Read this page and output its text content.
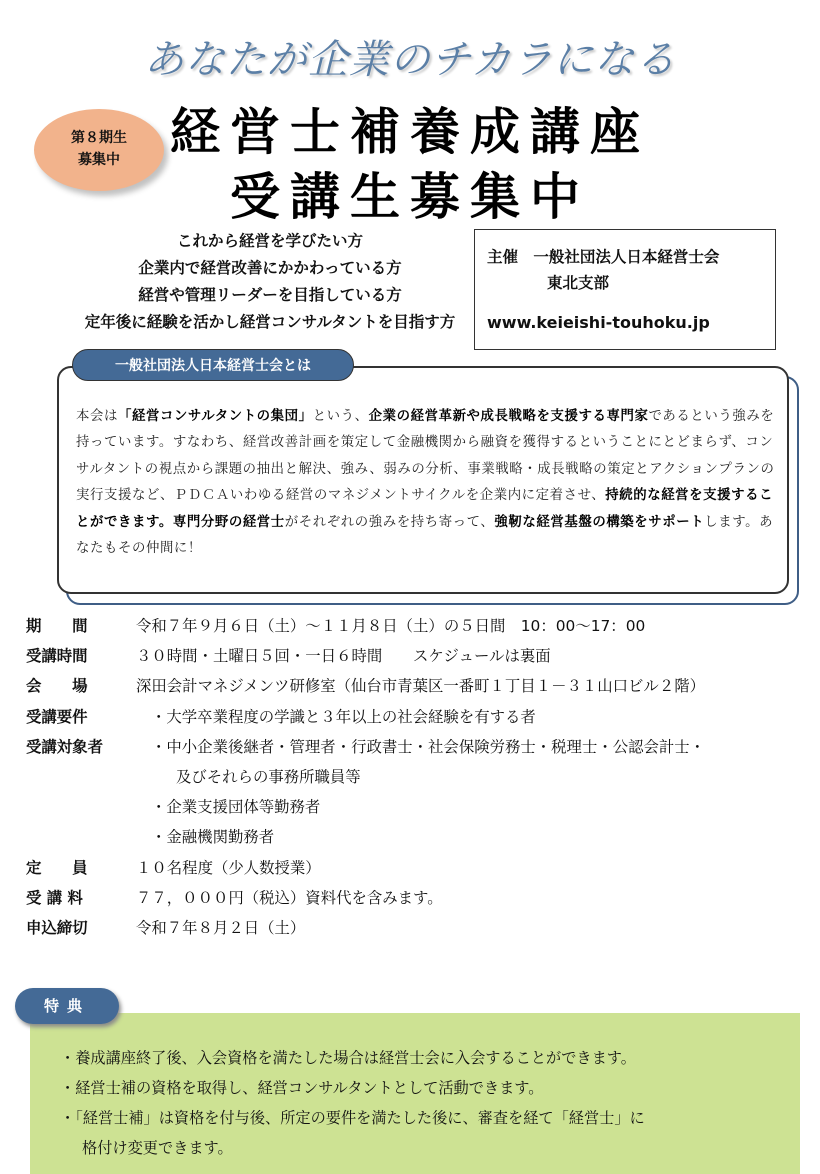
あなたが企業のチカラになる
第８期生
募集中	経営士補養成講座
受講生募集中
これから経営を学びたい方
企業内で経営改善にかかわっている方
経営や管理リーダーを目指している方
定年後に経験を活かし経営コンサルタントを目指す方
主催 一般社団法人日本経営士会
東北支部
www.keieishi-touhoku.jp
一般社団法人日本経営士会とは
本会は「経営コンサルタントの集団」という、企業の経営革新や成長戦略を支援する専門家であるという強みを持っています。すなわち、経営改善計画を策定して金融機関から融資を獲得するということにとどまらず、コンサルタントの視点から課題の抽出と解決、強み、弱みの分析、事業戦略・成長戦略の策定とアクションプランの実行支援など、ＰＤＣＡいわゆる経営のマネジメントサイクルを企業内に定着させ、持続的な経営を支援することができます。専門分野の経営士がそれぞれの強みを持ち寄って、強靭な経営基盤の構築をサポートします。あなたもその仲間に！
期　　間	令和７年９月６日（土）～１１月８日（土）の５日間　10：00～17：00
受講時間	３０時間・土曜日５回・一日６時間　　スケジュールは裏面
会　　場	深田会計マネジメンツ研修室（仙台市青葉区一番町１丁目１－３１山口ビル２階）
受講要件	・大学卒業程度の学識と３年以上の社会経験を有する者
受講対象者	・中小企業後継者・管理者・行政書士・社会保険労務士・税理士・公認会計士・
及びそれらの事務所職員等
・企業支援団体等勤務者
・金融機関勤務者
定　　員	１０名程度（少人数授業）
受 講 料	７７，０００円（税込）資料代を含みます。
申込締切	令和７年８月２日（土）
特典
・養成講座終了後、入会資格を満たした場合は経営士会に入会することができます。
・経営士補の資格を取得し、経営コンサルタントとして活動できます。
・「経営士補」は資格を付与後、所定の要件を満たした後に、審査を経て「経営士」に
格付け変更できます。
